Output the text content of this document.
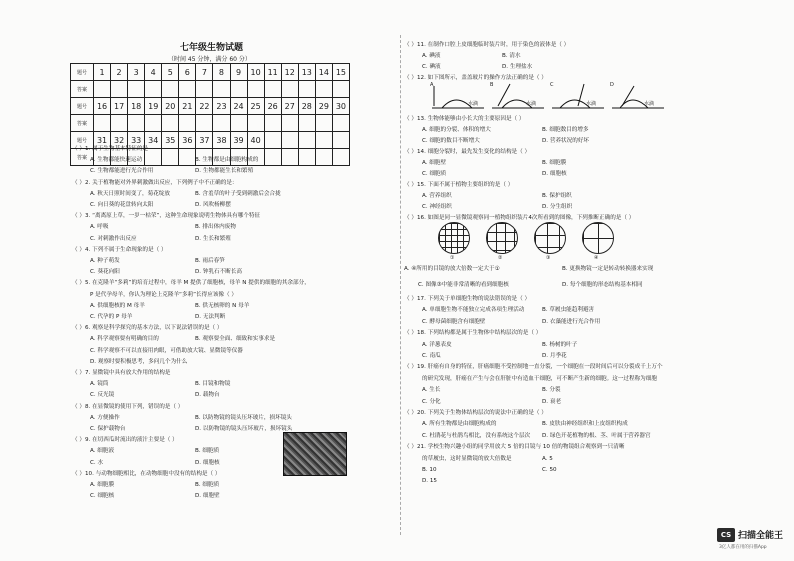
七年级生物试题
（时间 45 分钟，满分 60 分）
题号	1	2	3	4	5	6	7	8	9	10	11	12	13	14	15
答案															
题号	16	17	18	19	20	21	22	23	24	25	26	27	28	29	30
答案															
题号	31	32	33	34	35	36	37	38	39	40					
答案															
（ ）1. 属于生物基本特征的是
A. 生物都能快速运动	B. 生物都是由细胞构成的
C. 生物都能进行光合作用	D. 生物都能生长和繁殖
（ ）2. 关于植物能对外界刺激做出反应，下列例子中不正确的是：
A. 秋天日照时间变了，菊花绽放	B. 含羞草的叶子受到刺激后会合拢
C. 向日葵的花盘转向太阳	D. 风吹杨柳摆
（ ）3. “离离原上草，一岁一枯荣”，这种生命现象说明生物体具有哪个特征
A. 呼吸	B. 排出体内废物
C. 对刺激作出反应	D. 生长和繁殖
（ ）4. 下列不属于生命现象的是（ ）
A. 种子萌发	B. 雨后春笋
C. 葵花向阳	D. 钟乳石不断长高
（ ）5. 在克隆羊“多莉”的培育过程中，母羊 M 提供了细胞核，母羊 N 提供的细胞的其余部分，
P 是代孕母羊，你认为理论上克隆羊“多莉”长得应该像（ ）
A. 供细胞核的 M 母羊	B. 供无核卵的 N 母羊
C. 代孕的 P 母羊	D. 无法判断
（ ）6. 观察是科学探究的基本方法，以下说法错误的是（ ）
A. 科学观察要有明确的目的	B. 观察要全面、细致和实事求是
C. 科学观察不可以直接用肉眼，可借助放大镜、显微镜等仪器
D. 观察时要积极思考，多问几个为什么
（ ）7. 显微镜中具有放大作用的结构是
A. 镜筒	B. 目镜和物镜
C. 反光镜	D. 载物台
（ ）8. 在显微镜的使用下列，错误的是（ ）
A. 方便操作	B. 以防物镜的镜头压坏玻片，损坏镜头
C. 保护载物台	D. 以防物镜的镜头压坏玻片，损坏镜头
（ ）9. 在切西瓜时流出的液汁主要是（ ）
A. 细胞液	B. 细胞质
C. 水	D. 细胞核
（ ）10. 与动物细胞相比，在动物细胞中没有的结构是（ ）
A. 细胞膜	B. 细胞质
C. 细胞核	D. 细胞壁
（ ）11. 在制作口腔上皮细胞临时装片时，用于染色的液体是（ ）
A. 碘液	B. 清水
C. 碘液	D. 生理盐水
（ ）12. 如下图所示，盖盖玻片的操作方法正确的是（ ）
（ ）13. 生物体能够由小长大的主要原因是（ ）
A. 细胞的分裂、体积的增大	B. 细胞数目的增多
C. 细胞的数目不断增大	D. 营养状况的好坏
（ ）14. 细胞分裂时，最先发生变化的结构是（ ）
A. 细胞壁	B. 细胞膜
C. 细胞质	D. 细胞核
（ ）15. 下面不属于植物主要组织的是（ ）
A. 营养组织	B. 保护组织
C. 神经组织	D. 分生组织
（ ）16. 如图是同一显微镜观察同一植物组织装片4次所看到的图像，下列推断正确的是（ ）
A	B	C	D
水滴	水滴	水滴	水滴
①	②	③	④
A. ④所用的目镜的放大倍数一定大于①	B. 更换物镜一定是转动转换器来实现
C. 图像③中能非常清晰的看到细胞核	D. 每个细胞的形态结构基本相同
（ ）17. 下列关于单细胞生物的说法错误的是（ ）
A. 单细胞生物不能独立完成各项生理活动	B. 草履虫能趋利避害
C. 酵母菌细胞含有细胞壁	D. 衣藻能进行光合作用
（ ）18. 下列结构都是属于生物体中结构层次的是（ ）
A. 洋葱表皮	B. 杨树的叶子
C. 南瓜	D. 月季花
（ ）19. 肝癌有自身的特征，肝癌细胞不受控制地一直分裂，一个细胞在一段时间后可以分裂成千上万个
的研究发现，肝癌在产生与会在肝脏中有造血干细胞，可不断产生新的细胞。这一过程称为细胞
A. 生长	B. 分裂
C. 分化	D. 衰老
（ ）20. 下列关于生物体结构层次的说法中正确的是（ ）
A. 所有生物都是由细胞构成的	B. 皮肤由神经组织和上皮组织构成
C. 杜鹃花与杜鹃鸟相比，没有系统这个层次 D. 绿色开花植物的根、茎、叶属于营养器官
（ ）21. 学校生物兴趣小组的同学用放大 5 倍的目镜与 10 倍的物镜组合观察到一只清晰
的草履虫，这时显微镜的放大倍数是	A. 5
B. 10	C. 50
D. 15
CS 扫描全能王
3亿人都在用的扫描App
